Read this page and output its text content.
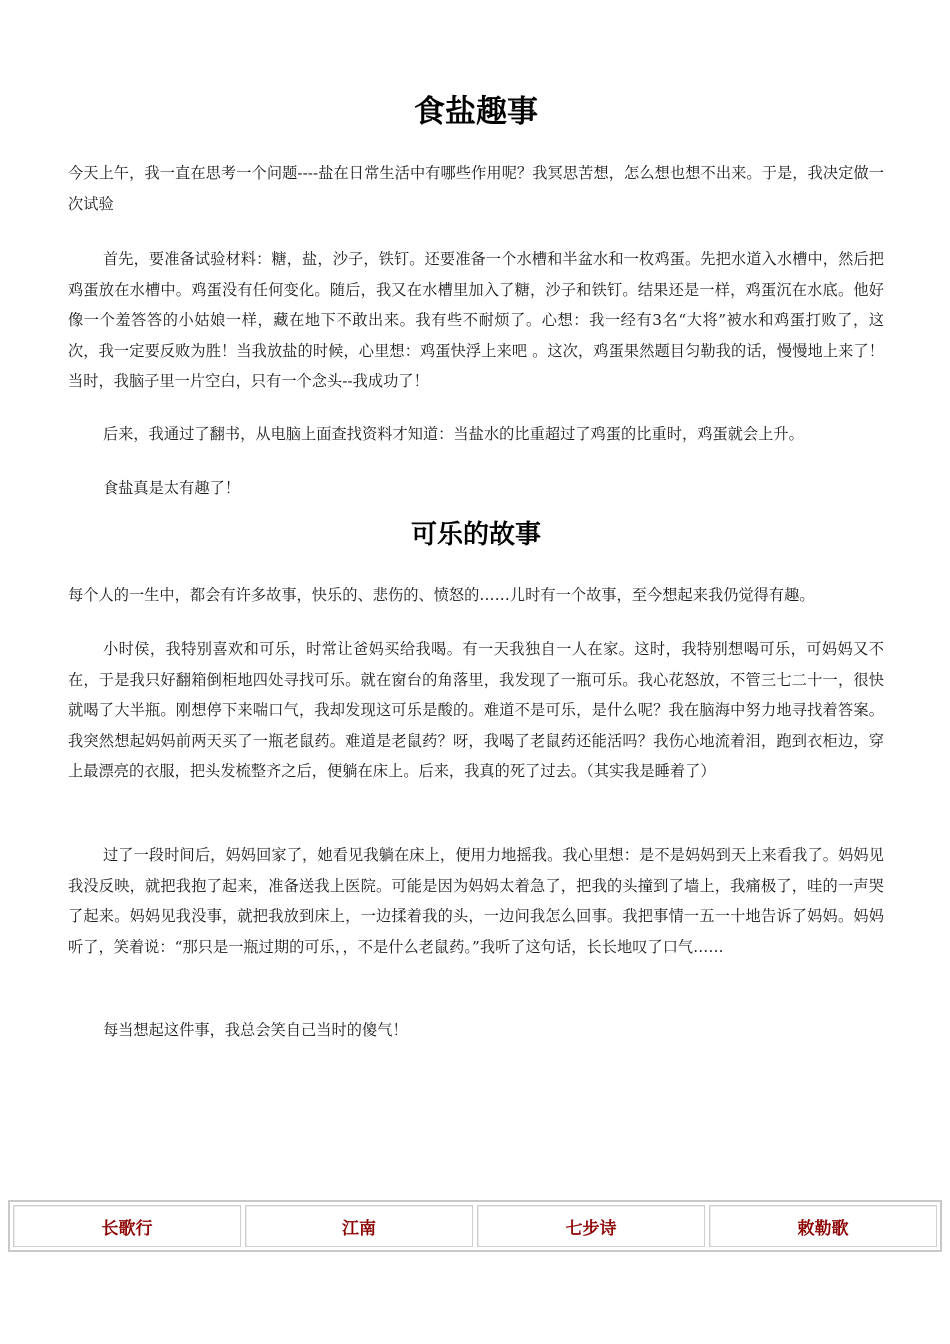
食盐趣事

今天上午，我一直在思考一个问题----盐在日常生活中有哪些作用呢？我冥思苦想，怎么想也想不出来。于是，我决定做一次试验

首先，要准备试验材料：糖，盐，沙子，铁钉。还要准备一个水槽和半盆水和一枚鸡蛋。先把水道入水槽中，然后把鸡蛋放在水槽中。鸡蛋没有任何变化。随后，我又在水槽里加入了糖，沙子和铁钉。结果还是一样，鸡蛋沉在水底。他好像一个羞答答的小姑娘一样，藏在地下不敢出来。我有些不耐烦了。心想：我一经有3名“大将”被水和鸡蛋打败了，这次，我一定要反败为胜！当我放盐的时候，心里想：鸡蛋快浮上来吧 。这次，鸡蛋果然题目匀勒我的话，慢慢地上来了！当时，我脑子里一片空白，只有一个念头--我成功了！

后来，我通过了翻书，从电脑上面查找资料才知道：当盐水的比重超过了鸡蛋的比重时，鸡蛋就会上升。

食盐真是太有趣了！

可乐的故事

每个人的一生中，都会有许多故事，快乐的、悲伤的、愤怒的……儿时有一个故事，至今想起来我仍觉得有趣。

小时侯，我特别喜欢和可乐，时常让爸妈买给我喝。有一天我独自一人在家。这时，我特别想喝可乐，可妈妈又不在，于是我只好翻箱倒柜地四处寻找可乐。就在窗台的角落里，我发现了一瓶可乐。我心花怒放，不管三七二十一，很快就喝了大半瓶。刚想停下来喘口气，我却发现这可乐是酸的。难道不是可乐，是什么呢？我在脑海中努力地寻找着答案。我突然想起妈妈前两天买了一瓶老鼠药。难道是老鼠药？呀，我喝了老鼠药还能活吗？我伤心地流着泪，跑到衣柜边，穿上最漂亮的衣服，把头发梳整齐之后，便躺在床上。后来，我真的死了过去。（其实我是睡着了）

过了一段时间后，妈妈回家了，她看见我躺在床上，便用力地摇我。我心里想：是不是妈妈到天上来看我了。妈妈见我没反映，就把我抱了起来，准备送我上医院。可能是因为妈妈太着急了，把我的头撞到了墙上，我痛极了，哇的一声哭了起来。妈妈见我没事，就把我放到床上，一边揉着我的头，一边问我怎么回事。我把事情一五一十地告诉了妈妈。妈妈听了，笑着说：“那只是一瓶过期的可乐，，不是什么老鼠药。”我听了这句话，长长地叹了口气……

每当想起这件事，我总会笑自己当时的傻气！

长歌行	江南	七步诗	敕勒歌
